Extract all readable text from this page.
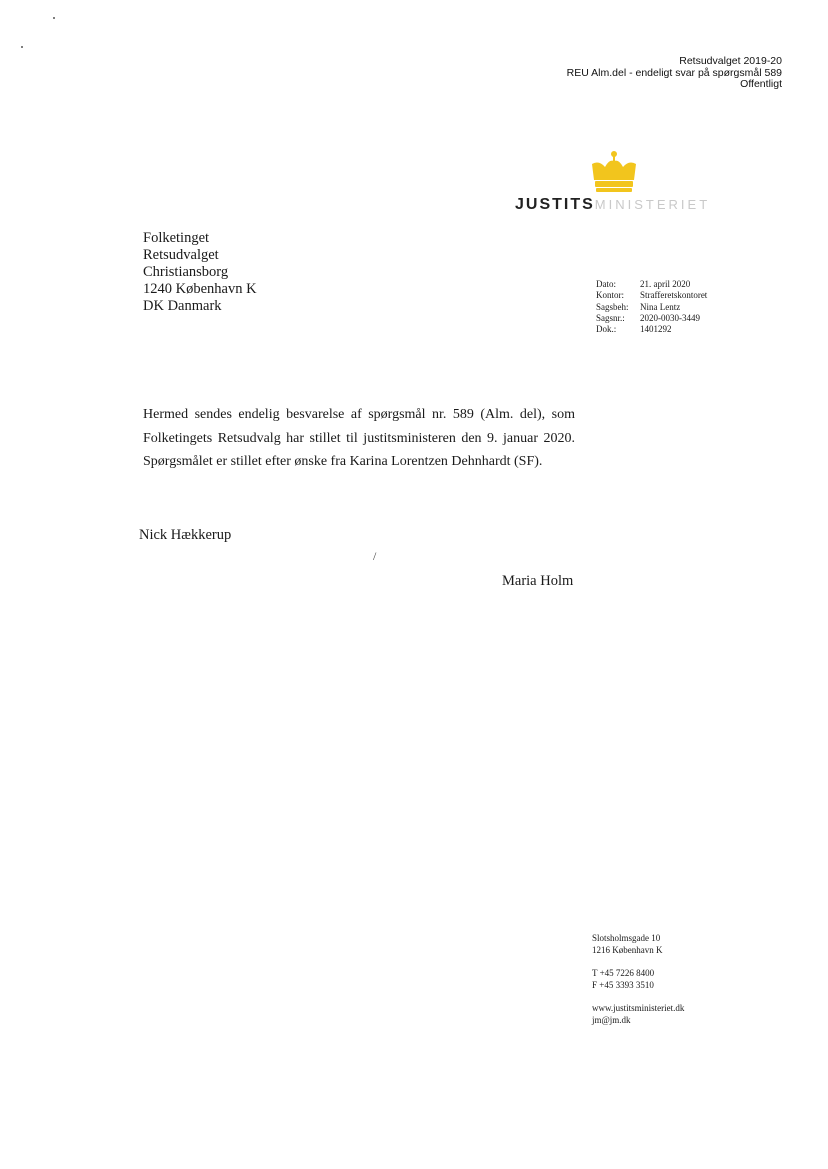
Retsudvalget 2019-20
REU Alm.del - endeligt svar på spørgsmål 589
Offentligt
JUSTITSMINISTERIET
Folketinget
Retsudvalget
Christiansborg
1240 København K
DK Danmark
Dato:	21. april 2020
Kontor:	Strafferetskontoret
Sagsbeh:	Nina Lentz
Sagsnr.:	2020-0030-3449
Dok.:	1401292
Hermed sendes endelig besvarelse af spørgsmål nr. 589 (Alm. del), som Folketingets Retsudvalg har stillet til justitsministeren den 9. januar 2020. Spørgsmålet er stillet efter ønske fra Karina Lorentzen Dehnhardt (SF).
Nick Hækkerup
/
Maria Holm
Slotsholmsgade 10
1216 København K
T +45 7226 8400
F +45 3393 3510
www.justitsministeriet.dk
jm@jm.dk
